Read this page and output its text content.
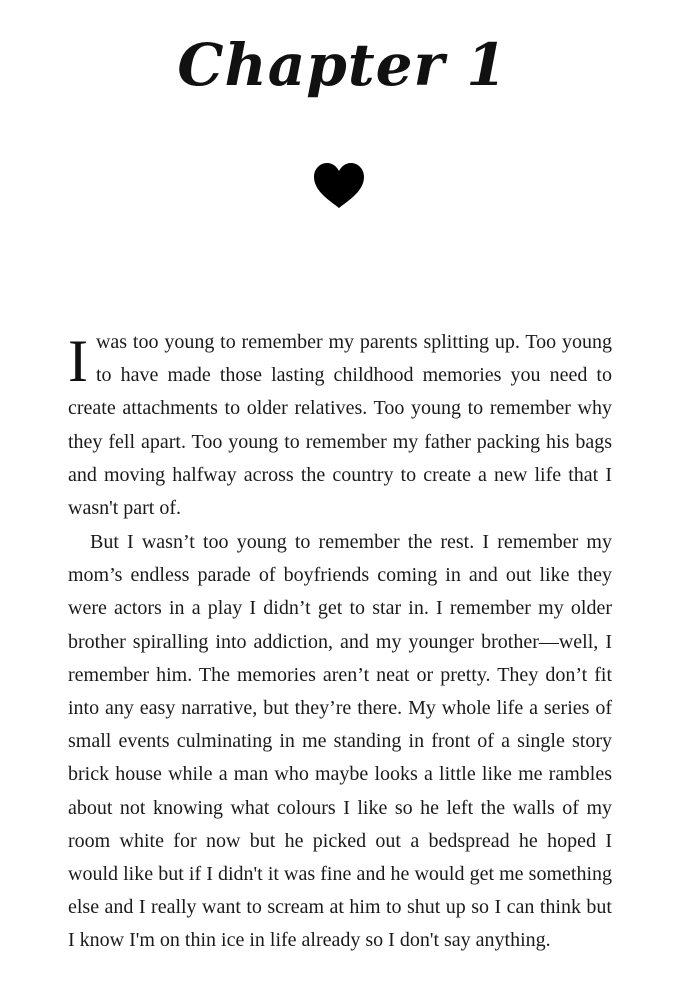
Chapter 1

Iwas too young to remember my parents splitting up. Too young to have made those lasting childhood memories you need to create attachments to older relatives. Too young to remember why they fell apart. Too young to remember my father packing his bags and moving halfway across the country to create a new life that I wasn't part of.

But I wasn’t too young to remember the rest. I remember my mom’s endless parade of boyfriends coming in and out like they were actors in a play I didn’t get to star in. I remember my older brother spiralling into addiction, and my younger brother—well, I remember him. The memories aren’t neat or pretty. They don’t fit into any easy narrative, but they’re there. My whole life a series of small events culminating in me standing in front of a single story brick house while a man who maybe looks a little like me rambles about not knowing what colours I like so he left the walls of my room white for now but he picked out a bedspread he hoped I would like but if I didn't it was fine and he would get me something else and I really want to scream at him to shut up so I can think but I know I'm on thin ice in life already so I don't say anything.
